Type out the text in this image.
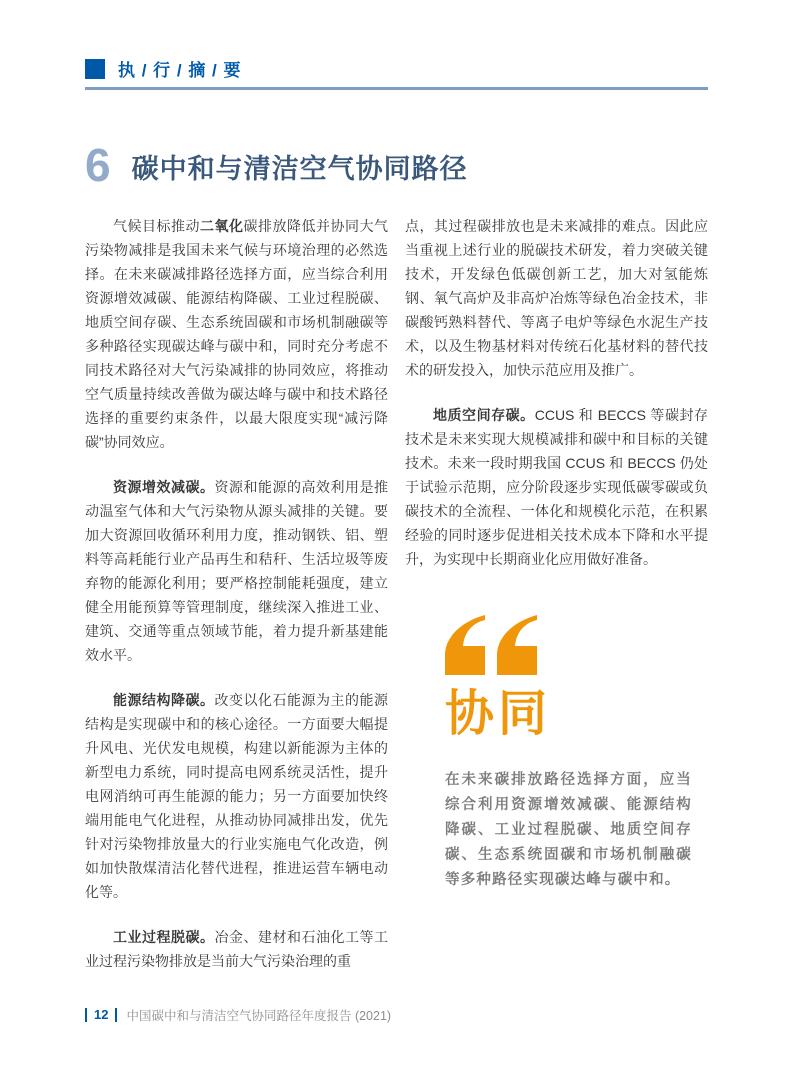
执 / 行 / 摘 / 要
6 碳中和与清洁空气协同路径

气候目标推动二氧化碳排放降低并协同大气污染物减排是我国未来气候与环境治理的必然选择。在未来碳减排路径选择方面，应当综合利用资源增效减碳、能源结构降碳、工业过程脱碳、地质空间存碳、生态系统固碳和市场机制融碳等多种路径实现碳达峰与碳中和，同时充分考虑不同技术路径对大气污染减排的协同效应，将推动空气质量持续改善做为碳达峰与碳中和技术路径选择的重要约束条件，以最大限度实现“减污降碳”协同效应。

资源增效减碳。资源和能源的高效利用是推动温室气体和大气污染物从源头减排的关键。要加大资源回收循环利用力度，推动钢铁、铝、塑料等高耗能行业产品再生和秸秆、生活垃圾等废弃物的能源化利用；要严格控制能耗强度，建立健全用能预算等管理制度，继续深入推进工业、建筑、交通等重点领域节能，着力提升新基建能效水平。

能源结构降碳。改变以化石能源为主的能源结构是实现碳中和的核心途径。一方面要大幅提升风电、光伏发电规模，构建以新能源为主体的新型电力系统，同时提高电网系统灵活性，提升电网消纳可再生能源的能力；另一方面要加快终端用能电气化进程，从推动协同减排出发，优先针对污染物排放量大的行业实施电气化改造，例如加快散煤清洁化替代进程，推进运营车辆电动化等。

工业过程脱碳。冶金、建材和石油化工等工业过程污染物排放是当前大气污染治理的重

点，其过程碳排放也是未来减排的难点。因此应当重视上述行业的脱碳技术研发，着力突破关键技术，开发绿色低碳创新工艺，加大对氢能炼钢、氧气高炉及非高炉冶炼等绿色冶金技术，非碳酸钙熟料替代、等离子电炉等绿色水泥生产技术，以及生物基材料对传统石化基材料的替代技术的研发投入，加快示范应用及推广。

地质空间存碳。CCUS 和 BECCS 等碳封存技术是未来实现大规模减排和碳中和目标的关键技术。未来一段时期我国 CCUS 和 BECCS 仍处于试验示范期，应分阶段逐步实现低碳零碳或负碳技术的全流程、一体化和规模化示范，在积累经验的同时逐步促进相关技术成本下降和水平提升，为实现中长期商业化应用做好准备。

协同
在未来碳排放路径选择方面，应当综合利用资源增效减碳、能源结构降碳、工业过程脱碳、地质空间存碳、生态系统固碳和市场机制融碳等多种路径实现碳达峰与碳中和。
12	中国碳中和与清洁空气协同路径年度报告 (2021)
